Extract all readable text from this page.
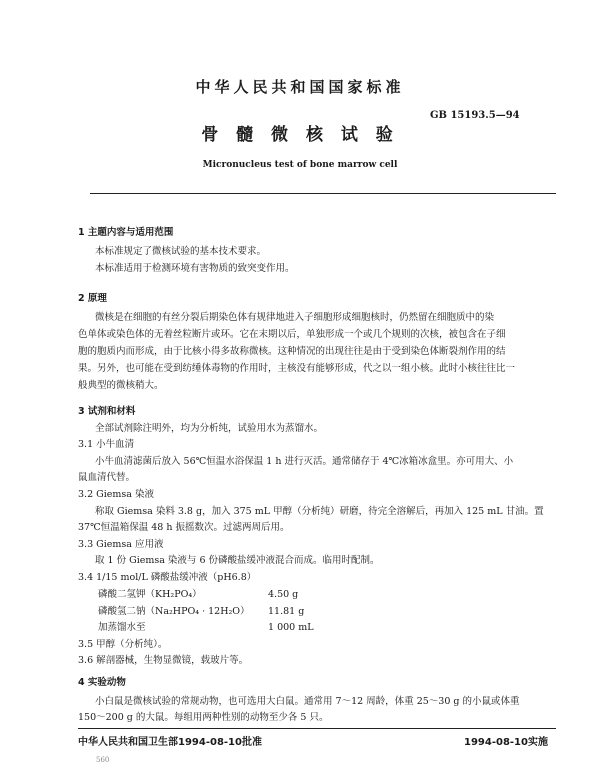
中华人民共和国国家标准
骨 髓 微 核 试 验
GB 15193.5—94
Micronucleus test of bone marrow cell
1 主题内容与适用范围
本标准规定了微核试验的基本技术要求。
本标准适用于检测环境有害物质的致突变作用。
2 原理
微核是在细胞的有丝分裂后期染色体有规律地进入子细胞形成细胞核时，仍然留在细胞质中的染
色单体或染色体的无着丝粒断片或环。它在末期以后，单独形成一个或几个规则的次核，被包含在子细
胞的胞质内而形成，由于比核小得多故称微核。这种情况的出现往往是由于受到染色体断裂剂作用的结
果。另外，也可能在受到纺缍体毒物的作用时，主核没有能够形成，代之以一组小核。此时小核往往比一
般典型的微核稍大。
3 试剂和材料
全部试剂除注明外，均为分析纯，试验用水为蒸馏水。
3.1 小牛血清
小牛血清滤菌后放入 56℃恒温水浴保温 1 h 进行灭活。通常储存于 4℃冰箱冰盒里。亦可用大、小
鼠血清代替。
3.2 Giemsa 染液
称取 Giemsa 染料 3.8 g，加入 375 mL 甲醇（分析纯）研磨，待完全溶解后，再加入 125 mL 甘油。置
37℃恒温箱保温 48 h 振摇数次。过滤两周后用。
3.3 Giemsa 应用液
取 1 份 Giemsa 染液与 6 份磷酸盐缓冲液混合而成。临用时配制。
3.4 1/15 mol/L 磷酸盐缓冲液（pH6.8）
磷酸二氢钾（KH₂PO₄）	4.50 g
磷酸氢二钠（Na₂HPO₄ · 12H₂O） 11.81 g
加蒸馏水至	1 000 mL
3.5 甲醇（分析纯）。
3.6 解剖器械，生物显微镜，载玻片等。
4 实验动物
小白鼠是微核试验的常规动物，也可选用大白鼠。通常用 7～12 周龄，体重 25～30 g 的小鼠或体重
150～200 g 的大鼠。每组用两种性别的动物至少各 5 只。
中华人民共和国卫生部1994-08-10批准	1994-08-10实施
560
